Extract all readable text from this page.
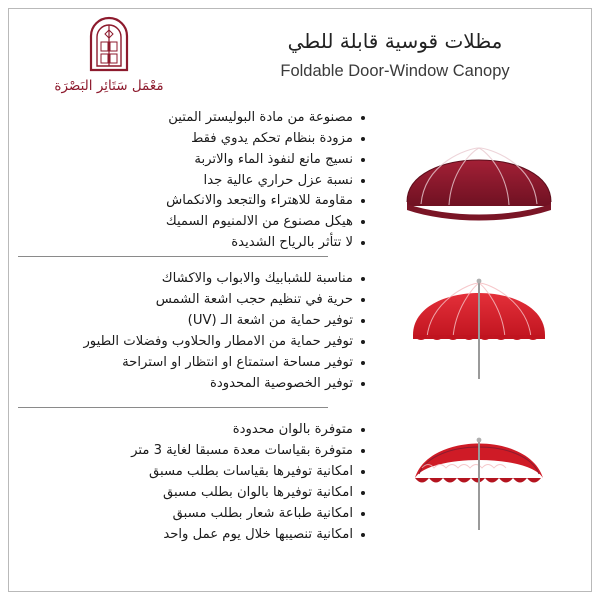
مَعْمَل سَتَائِر البَصْرَة
مظلات قوسية قابلة للطي
Foldable Door-Window Canopy
مصنوعة من مادة البوليستر المتين
مزودة بنظام تحكم يدوي فقط
نسيج مانع لنفوذ الماء والاتربة
نسبة عزل حراري عالية جدا
مقاومة للاهتراء والتجعد والانكماش
هيكل مصنوع من الالمنيوم السميك
لا تتأثر بالرياح الشديدة
مناسبة للشبابيك والابواب والاكشاك
حرية في تنظيم حجب اشعة الشمس
توفير حماية من اشعة الـ (UV)
توفير حماية من الامطار والحلاوب وفضلات الطيور
توفير مساحة استمتاع او انتظار او استراحة
توفير الخصوصية المحدودة
متوفرة بالوان محدودة
متوفرة بقياسات معدة مسبقا لغاية 3 متر
امكانية توفيرها بقياسات بطلب مسبق
امكانية توفيرها بالوان بطلب مسبق
امكانية طباعة شعار بطلب مسبق
امكانية تنصيبها خلال يوم عمل واحد
